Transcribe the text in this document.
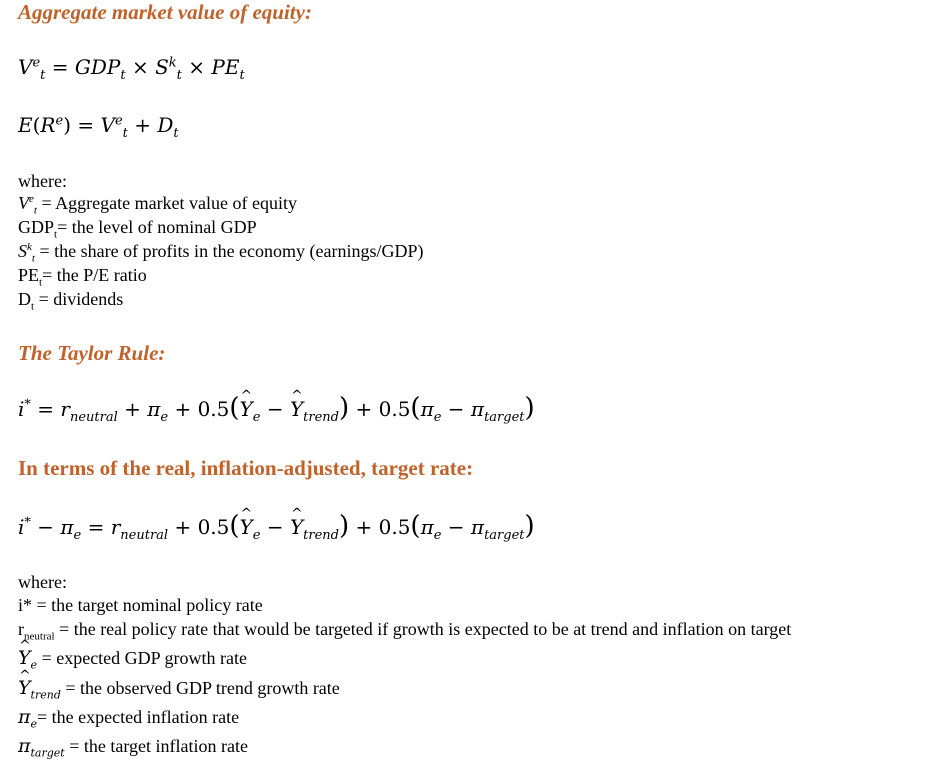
Aggregate market value of equity:
$V^e_t = GDP_t \times S^k_t \times PE_t$
$E(R^e) = V^e_t + D_t$
where:
$V^e_t$ = Aggregate market value of equity
$GDP_t=$ the level of nominal GDP
$S^k_t$ = the share of profits in the economy (earnings/GDP)
$PE_t=$ the P/E ratio
$D_t$ = dividends
The Taylor Rule:
$i^* = r_{neutral} + \pi_e$ + 0.5(^ $Y_e$ − ^ $Y_{trend}) + 0.5(\pi_e - \pi_{target})$
In terms of the real, inflation-adjusted, target rate:
$i^* - \pi_e = r_{neutral}$ + 0.5(^ $Y_e$ − ^ $Y_{trend}) + 0.5(\pi_e - \pi_{target})$
where:
i* = the target nominal policy rate
$r_{neutral}$ = the real policy rate that would be targeted if growth is expected to be at trend and inflation on target
^ $Y_e$ = expected GDP growth rate
^ $Y_{trend}$ = the observed GDP trend growth rate
$\pi_e=$ the expected inflation rate
$\pi_{target}$ = the target inflation rate
